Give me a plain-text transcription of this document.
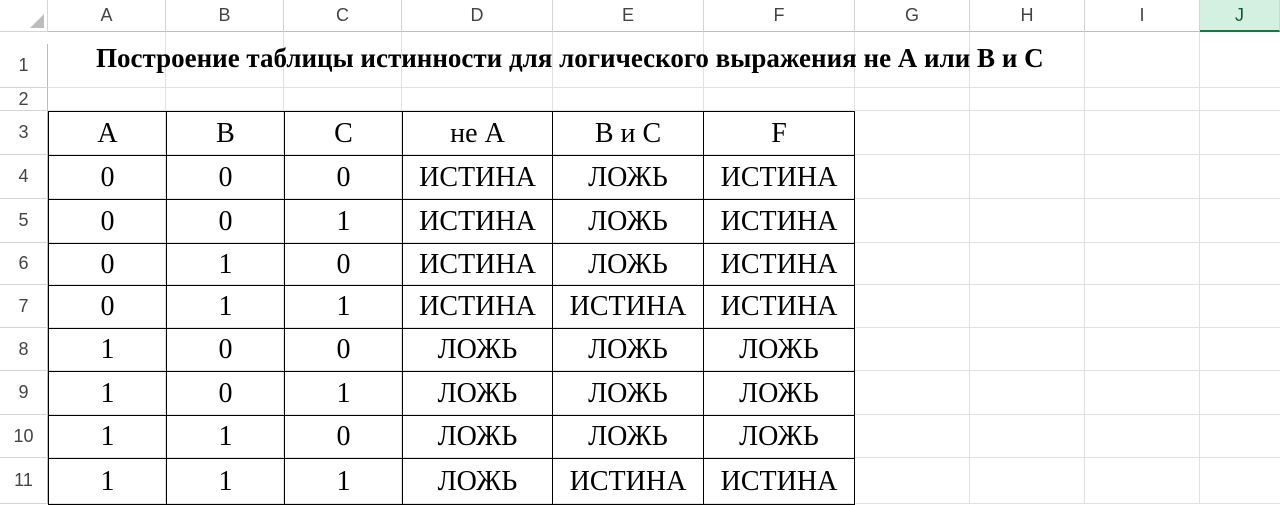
A	B	C	D	E	F	G	H	I	J
1
2
3
4
5
6
7
8
9
10
11
Построение таблицы истинности для логического выражения не А или В и С
А	В	С	не А	В и С	F
0	0	0	ИСТИНА	ЛОЖЬ	ИСТИНА
0	0	1	ИСТИНА	ЛОЖЬ	ИСТИНА
0	1	0	ИСТИНА	ЛОЖЬ	ИСТИНА
0	1	1	ИСТИНА	ИСТИНА	ИСТИНА
1	0	0	ЛОЖЬ	ЛОЖЬ	ЛОЖЬ
1	0	1	ЛОЖЬ	ЛОЖЬ	ЛОЖЬ
1	1	0	ЛОЖЬ	ЛОЖЬ	ЛОЖЬ
1	1	1	ЛОЖЬ	ИСТИНА	ИСТИНА
